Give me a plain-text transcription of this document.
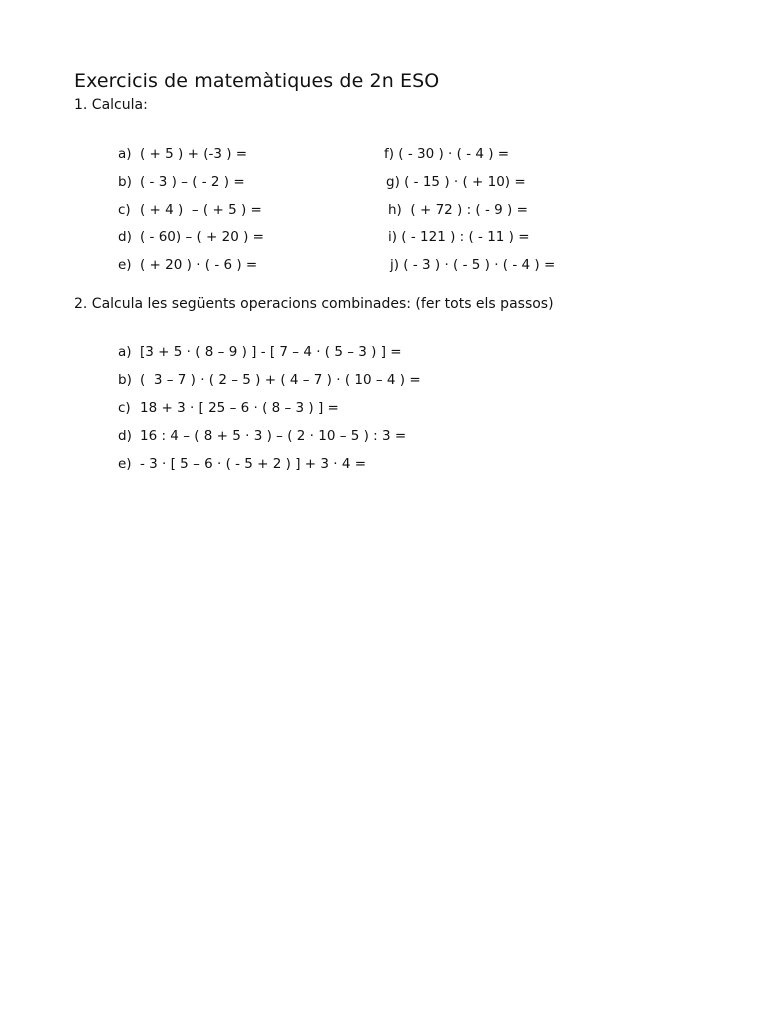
Exercicis de matemàtiques de 2n ESO
1. Calcula:
a) ( + 5 ) + (-3 ) =
b) ( - 3 ) – ( - 2 ) =
c) ( + 4 )  – ( + 5 ) =
d) ( - 60) – ( + 20 ) =
e) ( + 20 ) · ( - 6 ) =
f) ( - 30 ) · ( - 4 ) =
g) ( - 15 ) · ( + 10) =
h)  ( + 72 ) : ( - 9 ) =
i) ( - 121 ) : ( - 11 ) =
j) ( - 3 ) · ( - 5 ) · ( - 4 ) =
2. Calcula les següents operacions combinades: (fer tots els passos)
a) [3 + 5 · ( 8 – 9 ) ] - [ 7 – 4 · ( 5 – 3 ) ] =
b) (  3 – 7 ) · ( 2 – 5 ) + ( 4 – 7 ) · ( 10 – 4 ) =
c) 18 + 3 · [ 25 – 6 · ( 8 – 3 ) ] =
d) 16 : 4 – ( 8 + 5 · 3 ) – ( 2 · 10 – 5 ) : 3 =
e) - 3 · [ 5 – 6 · ( - 5 + 2 ) ] + 3 · 4 =
